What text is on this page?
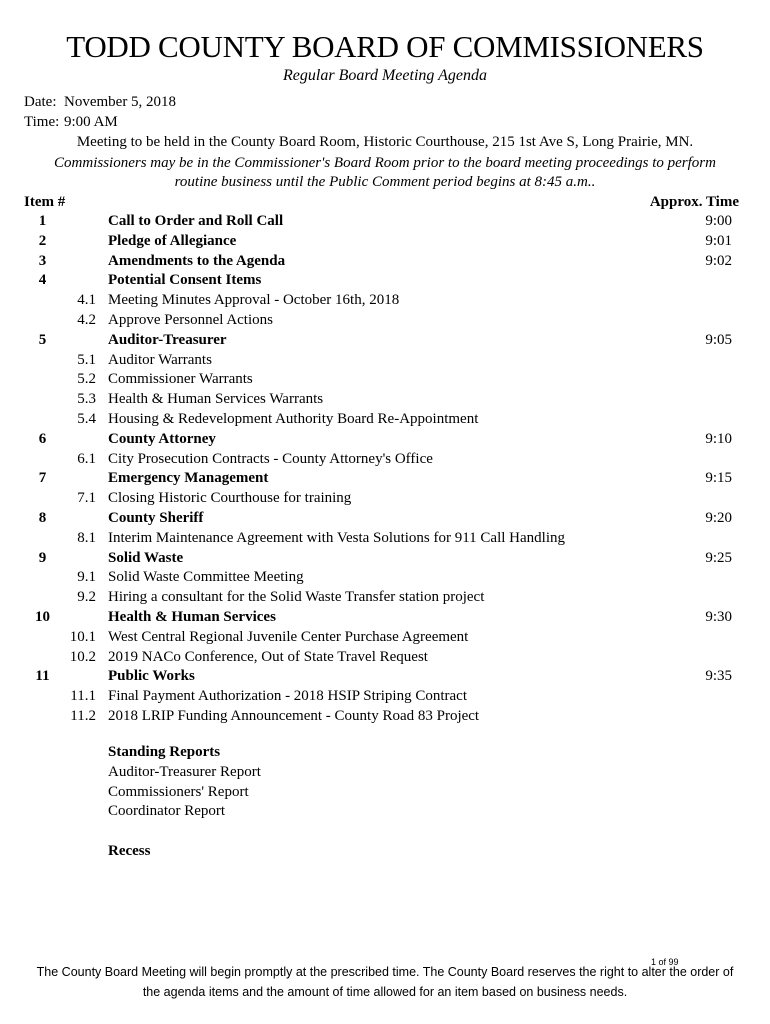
TODD COUNTY BOARD OF COMMISSIONERS
Regular Board Meeting Agenda
Date: November 5, 2018
Time: 9:00 AM
Meeting to be held in the County Board Room, Historic Courthouse, 215 1st Ave S, Long Prairie, MN.
Commissioners may be in the Commissioner's Board Room prior to the board meeting proceedings to perform
routine business until the Public Comment period begins at 8:45 a.m..
Item #	Approx. Time
1	Call to Order and Roll Call	9:00
2	Pledge of Allegiance	9:01
3	Amendments to the Agenda	9:02
4	Potential Consent Items
4.1 Meeting Minutes Approval - October 16th, 2018
4.2 Approve Personnel Actions
5	Auditor-Treasurer	9:05
5.1 Auditor Warrants
5.2 Commissioner Warrants
5.3 Health & Human Services Warrants
5.4 Housing & Redevelopment Authority Board Re-Appointment
6	County Attorney	9:10
6.1 City Prosecution Contracts - County Attorney's Office
7	Emergency Management	9:15
7.1 Closing Historic Courthouse for training
8	County Sheriff	9:20
8.1 Interim Maintenance Agreement with Vesta Solutions for 911 Call Handling
9	Solid Waste	9:25
9.1 Solid Waste Committee Meeting
9.2 Hiring a consultant for the Solid Waste Transfer station project
10	Health & Human Services	9:30
10.1 West Central Regional Juvenile Center Purchase Agreement
10.2 2019 NACo Conference, Out of State Travel Request
11	Public Works	9:35
11.1 Final Payment Authorization - 2018 HSIP Striping Contract
11.2 2018 LRIP Funding Announcement - County Road 83 Project
Standing Reports
Auditor-Treasurer Report
Commissioners' Report
Coordinator Report
Recess
1 of 99
The County Board Meeting will begin promptly at the prescribed time. The County Board reserves the right to alter the order of
the agenda items and the amount of time allowed for an item based on business needs.
